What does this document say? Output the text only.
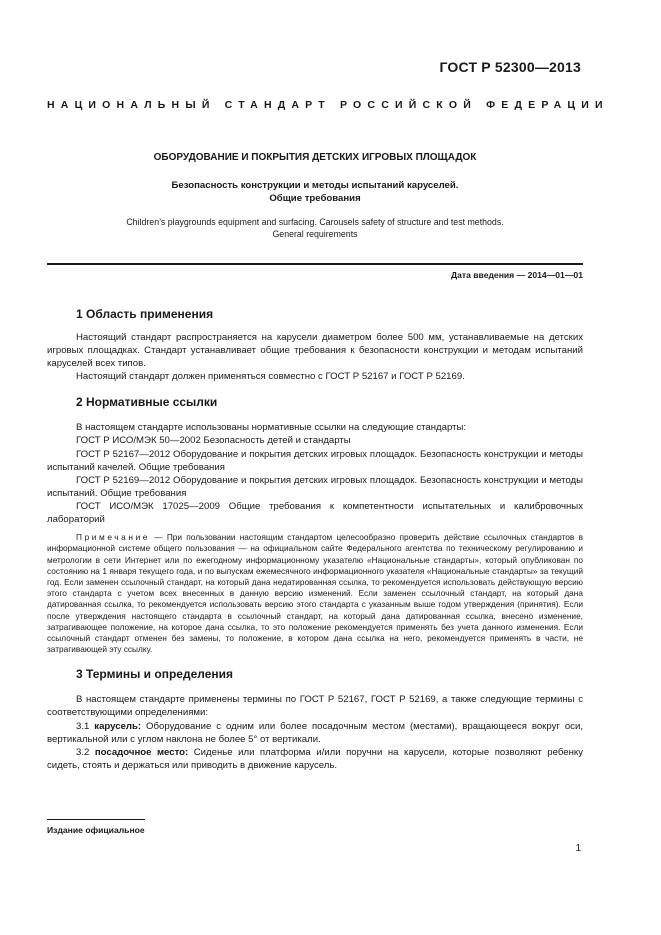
ГОСТ Р 52300—2013
НАЦИОНАЛЬНЫЙ СТАНДАРТ РОССИЙСКОЙ ФЕДЕРАЦИИ
ОБОРУДОВАНИЕ И ПОКРЫТИЯ ДЕТСКИХ ИГРОВЫХ ПЛОЩАДОК
Безопасность конструкции и методы испытаний каруселей.
Общие требования
Children’s playgrounds equipment and surfacing. Carousels safety of structure and test methods.
General requirements
Дата введения — 2014—01—01
1 Область применения

Настоящий стандарт распространяется на карусели диаметром более 500 мм, устанавливаемые на детских игровых площадках. Стандарт устанавливает общие требования к безопасности конструкции и методам испытаний каруселей всех типов.

Настоящий стандарт должен применяться совместно с ГОСТ Р 52167 и ГОСТ Р 52169.

2 Нормативные ссылки

В настоящем стандарте использованы нормативные ссылки на следующие стандарты:

ГОСТ Р ИСО/МЭК 50—2002 Безопасность детей и стандарты

ГОСТ Р 52167—2012 Оборудование и покрытия детских игровых площадок. Безопасность конструкции и методы испытаний качелей. Общие требования

ГОСТ Р 52169—2012 Оборудование и покрытия детских игровых площадок. Безопасность конструкции и методы испытаний. Общие требования

ГОСТ ИСО/МЭК 17025—2009 Общие требования к компетентности испытательных и калибровочных лабораторий

Примечание — При пользовании настоящим стандартом целесообразно проверить действие ссылочных стандартов в информационной системе общего пользования — на официальном сайте Федерального агентства по техническому регулированию и метрологии в сети Интернет или по ежегодному информационному указателю «Национальные стандарты», который опубликован по состоянию на 1 января текущего года, и по выпускам ежемесячного информационного указателя «Национальные стандарты» за текущий год. Если заменен ссылочный стандарт, на который дана недатированная ссылка, то рекомендуется использовать действующую версию этого стандарта с учетом всех внесенных в данную версию изменений. Если заменен ссылочный стандарт, на который дана датированная ссылка, то рекомендуется использовать версию этого стандарта с указанным выше годом утверждения (принятия). Если после утверждения настоящего стандарта в ссылочный стандарт, на который дана датированная ссылка, внесено изменение, затрагивающее положение, на которое дана ссылка, то это положение рекомендуется применять без учета данного изменения. Если ссылочный стандарт отменен без замены, то положение, в котором дана ссылка на него, рекомендуется применять в части, не затрагивающей эту ссылку.

3 Термины и определения

В настоящем стандарте применены термины по ГОСТ Р 52167, ГОСТ Р 52169, а также следующие термины с соответствующими определениями:

3.1 карусель: Оборудование с одним или более посадочным местом (местами), вращающееся вокруг оси, вертикальной или с углом наклона не более 5° от вертикали.

3.2 посадочное место: Сиденье или платформа и/или поручни на карусели, которые позволяют ребенку сидеть, стоять и держаться или приводить в движение карусель.

Издание официальное
1
